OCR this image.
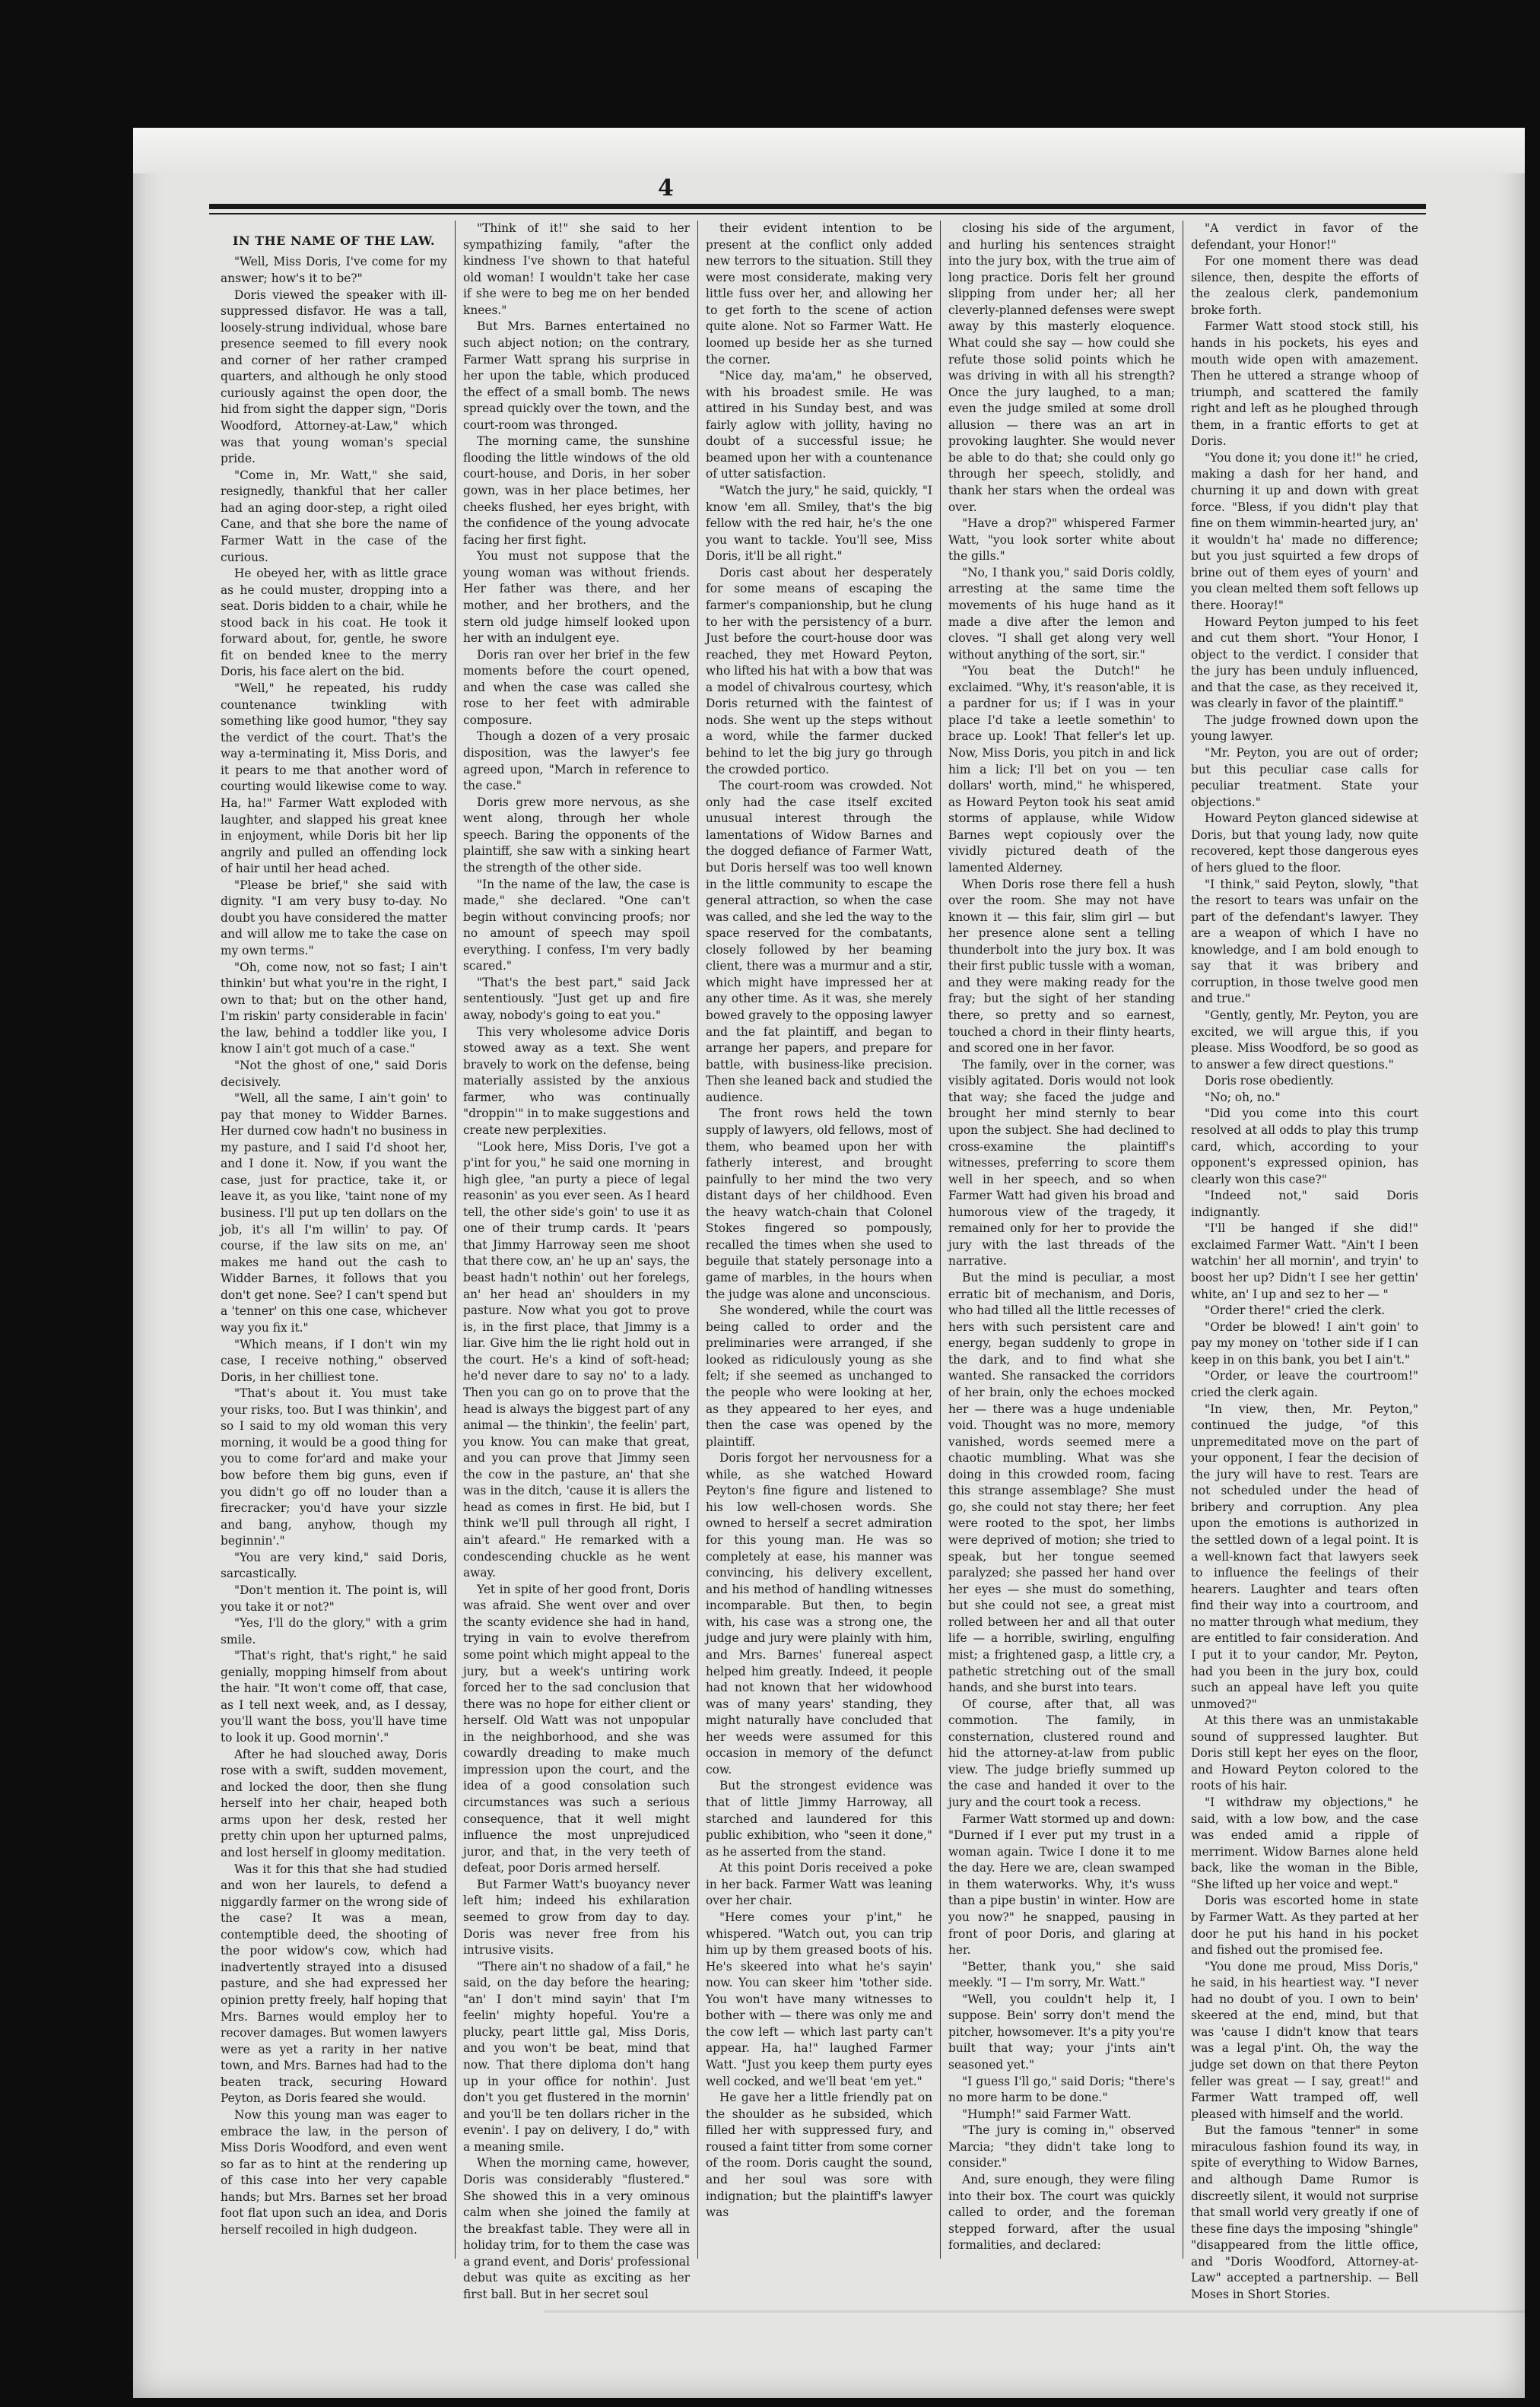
4
IN THE NAME OF THE LAW.

"Well, Miss Doris, I've come for my answer; how's it to be?"

Doris viewed the speaker with ill-suppressed disfavor. He was a tall, loosely-strung individual, whose bare presence seemed to fill every nook and corner of her rather cramped quarters, and although he only stood curiously against the open door, the hid from sight the dapper sign, "Doris Woodford, Attorney-at-Law," which was that young woman's special pride.

"Come in, Mr. Watt," she said, resignedly, thankful that her caller had an aging door-step, a right oiled Cane, and that she bore the name of Farmer Watt in the case of the curious.

He obeyed her, with as little grace as he could muster, dropping into a seat. Doris bidden to a chair, while he stood back in his coat. He took it forward about, for, gentle, he swore fit on bended knee to the merry Doris, his face alert on the bid.

"Well," he repeated, his ruddy countenance twinkling with something like good humor, "they say the verdict of the court. That's the way a-terminating it, Miss Doris, and it pears to me that another word of courting would likewise come to way. Ha, ha!" Farmer Watt exploded with laughter, and slapped his great knee in enjoyment, while Doris bit her lip angrily and pulled an offending lock of hair until her head ached.

"Please be brief," she said with dignity. "I am very busy to-day. No doubt you have considered the matter and will allow me to take the case on my own terms."

"Oh, come now, not so fast; I ain't thinkin' but what you're in the right, I own to that; but on the other hand, I'm riskin' party considerable in facin' the law, behind a toddler like you, I know I ain't got much of a case."

"Not the ghost of one," said Doris decisively.

"Well, all the same, I ain't goin' to pay that money to Widder Barnes. Her durned cow hadn't no business in my pasture, and I said I'd shoot her, and I done it. Now, if you want the case, just for practice, take it, or leave it, as you like, 'taint none of my business. I'll put up ten dollars on the job, it's all I'm willin' to pay. Of course, if the law sits on me, an' makes me hand out the cash to Widder Barnes, it follows that you don't get none. See? I can't spend but a 'tenner' on this one case, whichever way you fix it."

"Which means, if I don't win my case, I receive nothing," observed Doris, in her chilliest tone.

"That's about it. You must take your risks, too. But I was thinkin', and so I said to my old woman this very morning, it would be a good thing for you to come for'ard and make your bow before them big guns, even if you didn't go off no louder than a firecracker; you'd have your sizzle and bang, anyhow, though my beginnin'."

"You are very kind," said Doris, sarcastically.

"Don't mention it. The point is, will you take it or not?"

"Yes, I'll do the glory," with a grim smile.

"That's right, that's right," he said genially, mopping himself from about the hair. "It won't come off, that case, as I tell next week, and, as I dessay, you'll want the boss, you'll have time to look it up. Good mornin'."

After he had slouched away, Doris rose with a swift, sudden movement, and locked the door, then she flung herself into her chair, heaped both arms upon her desk, rested her pretty chin upon her upturned palms, and lost herself in gloomy meditation.

Was it for this that she had studied and won her laurels, to defend a niggardly farmer on the wrong side of the case? It was a mean, contemptible deed, the shooting of the poor widow's cow, which had inadvertently strayed into a disused pasture, and she had expressed her opinion pretty freely, half hoping that Mrs. Barnes would employ her to recover damages. But women lawyers were as yet a rarity in her native town, and Mrs. Barnes had had to the beaten track, securing Howard Peyton, as Doris feared she would.

Now this young man was eager to embrace the law, in the person of Miss Doris Woodford, and even went so far as to hint at the rendering up of this case into her very capable hands; but Mrs. Barnes set her broad foot flat upon such an idea, and Doris herself recoiled in high dudgeon.

"Think of it!" she said to her sympathizing family, "after the kindness I've shown to that hateful old woman! I wouldn't take her case if she were to beg me on her bended knees."

But Mrs. Barnes entertained no such abject notion; on the contrary, Farmer Watt sprang his surprise in her upon the table, which produced the effect of a small bomb. The news spread quickly over the town, and the court-room was thronged.

The morning came, the sunshine flooding the little windows of the old court-house, and Doris, in her sober gown, was in her place betimes, her cheeks flushed, her eyes bright, with the confidence of the young advocate facing her first fight.

You must not suppose that the young woman was without friends. Her father was there, and her mother, and her brothers, and the stern old judge himself looked upon her with an indulgent eye.

Doris ran over her brief in the few moments before the court opened, and when the case was called she rose to her feet with admirable composure.

Though a dozen of a very prosaic disposition, was the lawyer's fee agreed upon, "March in reference to the case."

Doris grew more nervous, as she went along, through her whole speech. Baring the opponents of the plaintiff, she saw with a sinking heart the strength of the other side.

"In the name of the law, the case is made," she declared. "One can't begin without convincing proofs; nor no amount of speech may spoil everything. I confess, I'm very badly scared."

"That's the best part," said Jack sententiously. "Just get up and fire away, nobody's going to eat you."

This very wholesome advice Doris stowed away as a text. She went bravely to work on the defense, being materially assisted by the anxious farmer, who was continually "droppin'" in to make suggestions and create new perplexities.

"Look here, Miss Doris, I've got a p'int for you," he said one morning in high glee, "an purty a piece of legal reasonin' as you ever seen. As I heard tell, the other side's goin' to use it as one of their trump cards. It 'pears that Jimmy Harroway seen me shoot that there cow, an' he up an' says, the beast hadn't nothin' out her forelegs, an' her head an' shoulders in my pasture. Now what you got to prove is, in the first place, that Jimmy is a liar. Give him the lie right hold out in the court. He's a kind of soft-head; he'd never dare to say no' to a lady. Then you can go on to prove that the head is always the biggest part of any animal — the thinkin', the feelin' part, you know. You can make that great, and you can prove that Jimmy seen the cow in the pasture, an' that she was in the ditch, 'cause it is allers the head as comes in first. He bid, but I think we'll pull through all right, I ain't afeard." He remarked with a condescending chuckle as he went away.

Yet in spite of her good front, Doris was afraid. She went over and over the scanty evidence she had in hand, trying in vain to evolve therefrom some point which might appeal to the jury, but a week's untiring work forced her to the sad conclusion that there was no hope for either client or herself. Old Watt was not unpopular in the neighborhood, and she was cowardly dreading to make much impression upon the court, and the idea of a good consolation such circumstances was such a serious consequence, that it well might influence the most unprejudiced juror, and that, in the very teeth of defeat, poor Doris armed herself.

But Farmer Watt's buoyancy never left him; indeed his exhilaration seemed to grow from day to day. Doris was never free from his intrusive visits.

"There ain't no shadow of a fail," he said, on the day before the hearing; "an' I don't mind sayin' that I'm feelin' mighty hopeful. You're a plucky, peart little gal, Miss Doris, and you won't be beat, mind that now. That there diploma don't hang up in your office for nothin'. Just don't you get flustered in the mornin' and you'll be ten dollars richer in the evenin'. I pay on delivery, I do," with a meaning smile.

When the morning came, however, Doris was considerably "flustered." She showed this in a very ominous calm when she joined the family at the breakfast table. They were all in holiday trim, for to them the case was a grand event, and Doris' professional debut was quite as exciting as her first ball. But in her secret soul

their evident intention to be present at the conflict only added new terrors to the situation. Still they were most considerate, making very little fuss over her, and allowing her to get forth to the scene of action quite alone. Not so Farmer Watt. He loomed up beside her as she turned the corner.

"Nice day, ma'am," he observed, with his broadest smile. He was attired in his Sunday best, and was fairly aglow with jollity, having no doubt of a successful issue; he beamed upon her with a countenance of utter satisfaction.

"Watch the jury," he said, quickly, "I know 'em all. Smiley, that's the big fellow with the red hair, he's the one you want to tackle. You'll see, Miss Doris, it'll be all right."

Doris cast about her desperately for some means of escaping the farmer's companionship, but he clung to her with the persistency of a burr. Just before the court-house door was reached, they met Howard Peyton, who lifted his hat with a bow that was a model of chivalrous courtesy, which Doris returned with the faintest of nods. She went up the steps without a word, while the farmer ducked behind to let the big jury go through the crowded portico.

The court-room was crowded. Not only had the case itself excited unusual interest through the lamentations of Widow Barnes and the dogged defiance of Farmer Watt, but Doris herself was too well known in the little community to escape the general attraction, so when the case was called, and she led the way to the space reserved for the combatants, closely followed by her beaming client, there was a murmur and a stir, which might have impressed her at any other time. As it was, she merely bowed gravely to the opposing lawyer and the fat plaintiff, and began to arrange her papers, and prepare for battle, with business-like precision. Then she leaned back and studied the audience.

The front rows held the town supply of lawyers, old fellows, most of them, who beamed upon her with fatherly interest, and brought painfully to her mind the two very distant days of her childhood. Even the heavy watch-chain that Colonel Stokes fingered so pompously, recalled the times when she used to beguile that stately personage into a game of marbles, in the hours when the judge was alone and unconscious.

She wondered, while the court was being called to order and the preliminaries were arranged, if she looked as ridiculously young as she felt; if she seemed as unchanged to the people who were looking at her, as they appeared to her eyes, and then the case was opened by the plaintiff.

Doris forgot her nervousness for a while, as she watched Howard Peyton's fine figure and listened to his low well-chosen words. She owned to herself a secret admiration for this young man. He was so completely at ease, his manner was convincing, his delivery excellent, and his method of handling witnesses incomparable. But then, to begin with, his case was a strong one, the judge and jury were plainly with him, and Mrs. Barnes' funereal aspect helped him greatly. Indeed, it people had not known that her widowhood was of many years' standing, they might naturally have concluded that her weeds were assumed for this occasion in memory of the defunct cow.

But the strongest evidence was that of little Jimmy Harroway, all starched and laundered for this public exhibition, who "seen it done," as he asserted from the stand.

At this point Doris received a poke in her back. Farmer Watt was leaning over her chair.

"Here comes your p'int," he whispered. "Watch out, you can trip him up by them greased boots of his. He's skeered into what he's sayin' now. You can skeer him 'tother side. You won't have many witnesses to bother with — there was only me and the cow left — which last party can't appear. Ha, ha!" laughed Farmer Watt. "Just you keep them purty eyes well cocked, and we'll beat 'em yet."

He gave her a little friendly pat on the shoulder as he subsided, which filled her with suppressed fury, and roused a faint titter from some corner of the room. Doris caught the sound, and her soul was sore with indignation; but the plaintiff's lawyer was

closing his side of the argument, and hurling his sentences straight into the jury box, with the true aim of long practice. Doris felt her ground slipping from under her; all her cleverly-planned defenses were swept away by this masterly eloquence. What could she say — how could she refute those solid points which he was driving in with all his strength? Once the jury laughed, to a man; even the judge smiled at some droll allusion — there was an art in provoking laughter. She would never be able to do that; she could only go through her speech, stolidly, and thank her stars when the ordeal was over.

"Have a drop?" whispered Farmer Watt, "you look sorter white about the gills."

"No, I thank you," said Doris coldly, arresting at the same time the movements of his huge hand as it made a dive after the lemon and cloves. "I shall get along very well without anything of the sort, sir."

"You beat the Dutch!" he exclaimed. "Why, it's reason'able, it is a pardner for us; if I was in your place I'd take a leetle somethin' to brace up. Look! That feller's let up. Now, Miss Doris, you pitch in and lick him a lick; I'll bet on you — ten dollars' worth, mind," he whispered, as Howard Peyton took his seat amid storms of applause, while Widow Barnes wept copiously over the vividly pictured death of the lamented Alderney.

When Doris rose there fell a hush over the room. She may not have known it — this fair, slim girl — but her presence alone sent a telling thunderbolt into the jury box. It was their first public tussle with a woman, and they were making ready for the fray; but the sight of her standing there, so pretty and so earnest, touched a chord in their flinty hearts, and scored one in her favor.

The family, over in the corner, was visibly agitated. Doris would not look that way; she faced the judge and brought her mind sternly to bear upon the subject. She had declined to cross-examine the plaintiff's witnesses, preferring to score them well in her speech, and so when Farmer Watt had given his broad and humorous view of the tragedy, it remained only for her to provide the jury with the last threads of the narrative.

But the mind is peculiar, a most erratic bit of mechanism, and Doris, who had tilled all the little recesses of hers with such persistent care and energy, began suddenly to grope in the dark, and to find what she wanted. She ransacked the corridors of her brain, only the echoes mocked her — there was a huge undeniable void. Thought was no more, memory vanished, words seemed mere a chaotic mumbling. What was she doing in this crowded room, facing this strange assemblage? She must go, she could not stay there; her feet were rooted to the spot, her limbs were deprived of motion; she tried to speak, but her tongue seemed paralyzed; she passed her hand over her eyes — she must do something, but she could not see, a great mist rolled between her and all that outer life — a horrible, swirling, engulfing mist; a frightened gasp, a little cry, a pathetic stretching out of the small hands, and she burst into tears.

Of course, after that, all was commotion. The family, in consternation, clustered round and hid the attorney-at-law from public view. The judge briefly summed up the case and handed it over to the jury and the court took a recess.

Farmer Watt stormed up and down: "Durned if I ever put my trust in a woman again. Twice I done it to me the day. Here we are, clean swamped in them waterworks. Why, it's wuss than a pipe bustin' in winter. How are you now?" he snapped, pausing in front of poor Doris, and glaring at her.

"Better, thank you," she said meekly. "I — I'm sorry, Mr. Watt."

"Well, you couldn't help it, I suppose. Bein' sorry don't mend the pitcher, howsomever. It's a pity you're built that way; your j'ints ain't seasoned yet."

"I guess I'll go," said Doris; "there's no more harm to be done."

"Humph!" said Farmer Watt.

"The jury is coming in," observed Marcia; "they didn't take long to consider."

And, sure enough, they were filing into their box. The court was quickly called to order, and the foreman stepped forward, after the usual formalities, and declared:

"A verdict in favor of the defendant, your Honor!"

For one moment there was dead silence, then, despite the efforts of the zealous clerk, pandemonium broke forth.

Farmer Watt stood stock still, his hands in his pockets, his eyes and mouth wide open with amazement. Then he uttered a strange whoop of triumph, and scattered the family right and left as he ploughed through them, in a frantic efforts to get at Doris.

"You done it; you done it!" he cried, making a dash for her hand, and churning it up and down with great force. "Bless, if you didn't play that fine on them wimmin-hearted jury, an' it wouldn't ha' made no difference; but you just squirted a few drops of brine out of them eyes of yourn' and you clean melted them soft fellows up there. Hooray!"

Howard Peyton jumped to his feet and cut them short. "Your Honor, I object to the verdict. I consider that the jury has been unduly influenced, and that the case, as they received it, was clearly in favor of the plaintiff."

The judge frowned down upon the young lawyer.

"Mr. Peyton, you are out of order; but this peculiar case calls for peculiar treatment. State your objections."

Howard Peyton glanced sidewise at Doris, but that young lady, now quite recovered, kept those dangerous eyes of hers glued to the floor.

"I think," said Peyton, slowly, "that the resort to tears was unfair on the part of the defendant's lawyer. They are a weapon of which I have no knowledge, and I am bold enough to say that it was bribery and corruption, in those twelve good men and true."

"Gently, gently, Mr. Peyton, you are excited, we will argue this, if you please. Miss Woodford, be so good as to answer a few direct questions."

Doris rose obediently.

"No; oh, no."

"Did you come into this court resolved at all odds to play this trump card, which, according to your opponent's expressed opinion, has clearly won this case?"

"Indeed not," said Doris indignantly.

"I'll be hanged if she did!" exclaimed Farmer Watt. "Ain't I been watchin' her all mornin', and tryin' to boost her up? Didn't I see her gettin' white, an' I up and sez to her — "

"Order there!" cried the clerk.

"Order be blowed! I ain't goin' to pay my money on 'tother side if I can keep in on this bank, you bet I ain't."

"Order, or leave the courtroom!" cried the clerk again.

"In view, then, Mr. Peyton," continued the judge, "of this unpremeditated move on the part of your opponent, I fear the decision of the jury will have to rest. Tears are not scheduled under the head of bribery and corruption. Any plea upon the emotions is authorized in the settled down of a legal point. It is a well-known fact that lawyers seek to influence the feelings of their hearers. Laughter and tears often find their way into a courtroom, and no matter through what medium, they are entitled to fair consideration. And I put it to your candor, Mr. Peyton, had you been in the jury box, could such an appeal have left you quite unmoved?"

At this there was an unmistakable sound of suppressed laughter. But Doris still kept her eyes on the floor, and Howard Peyton colored to the roots of his hair.

"I withdraw my objections," he said, with a low bow, and the case was ended amid a ripple of merriment. Widow Barnes alone held back, like the woman in the Bible, "She lifted up her voice and wept."

Doris was escorted home in state by Farmer Watt. As they parted at her door he put his hand in his pocket and fished out the promised fee.

"You done me proud, Miss Doris," he said, in his heartiest way. "I never had no doubt of you. I own to bein' skeered at the end, mind, but that was 'cause I didn't know that tears was a legal p'int. Oh, the way the judge set down on that there Peyton feller was great — I say, great!" and Farmer Watt tramped off, well pleased with himself and the world.

But the famous "tenner" in some miraculous fashion found its way, in spite of everything to Widow Barnes, and although Dame Rumor is discreetly silent, it would not surprise that small world very greatly if one of these fine days the imposing "shingle" "disappeared from the little office, and "Doris Woodford, Attorney-at-Law" accepted a partnership. — Bell Moses in Short Stories.
